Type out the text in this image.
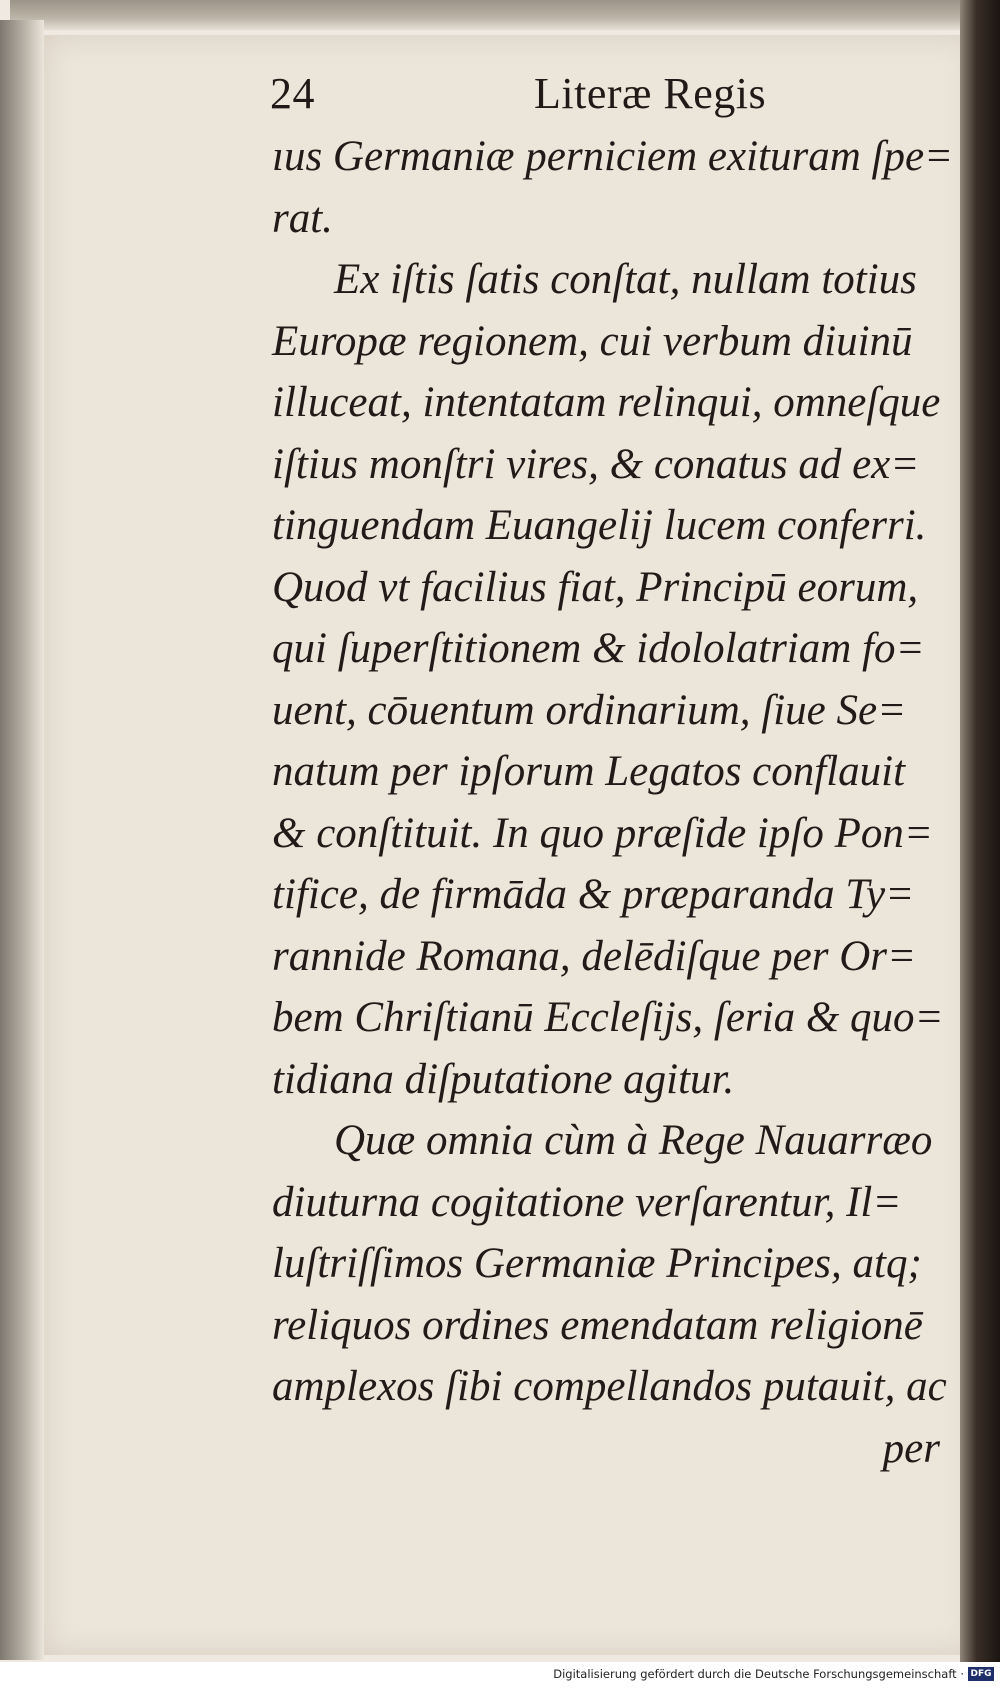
24	Literæ Regis
ıus Germaniæ perniciem exituram ſpe=
rat.
Ex iſtis ſatis conſtat, nullam totius
Europæ regionem, cui verbum diuinū
illuceat, intentatam relinqui, omneſque
iſtius monſtri vires, & conatus ad ex=
tinguendam Euangelij lucem conferri.
Quod vt facilius fiat, Principū eorum,
qui ſuperſtitionem & idololatriam fo=
uent, cōuentum ordinarium, ſiue Se=
natum per ipſorum Legatos conflauit
& conſtituit. In quo præſide ipſo Pon=
tifice, de firmāda & præparanda Ty=
rannide Romana, delēdiſque per Or=
bem Chriſtianū Eccleſijs, ſeria & quo=
tidiana diſputatione agitur.
Quæ omnia cùm à Rege Nauarræo
diuturna cogitatione verſarentur, Il=
luſtriſſimos Germaniæ Principes, atq;
reliquos ordines emendatam religionē
amplexos ſibi compellandos putauit, ac
per
Digitalisierung gefördert durch die Deutsche Forschungsgemeinschaft · DFG
